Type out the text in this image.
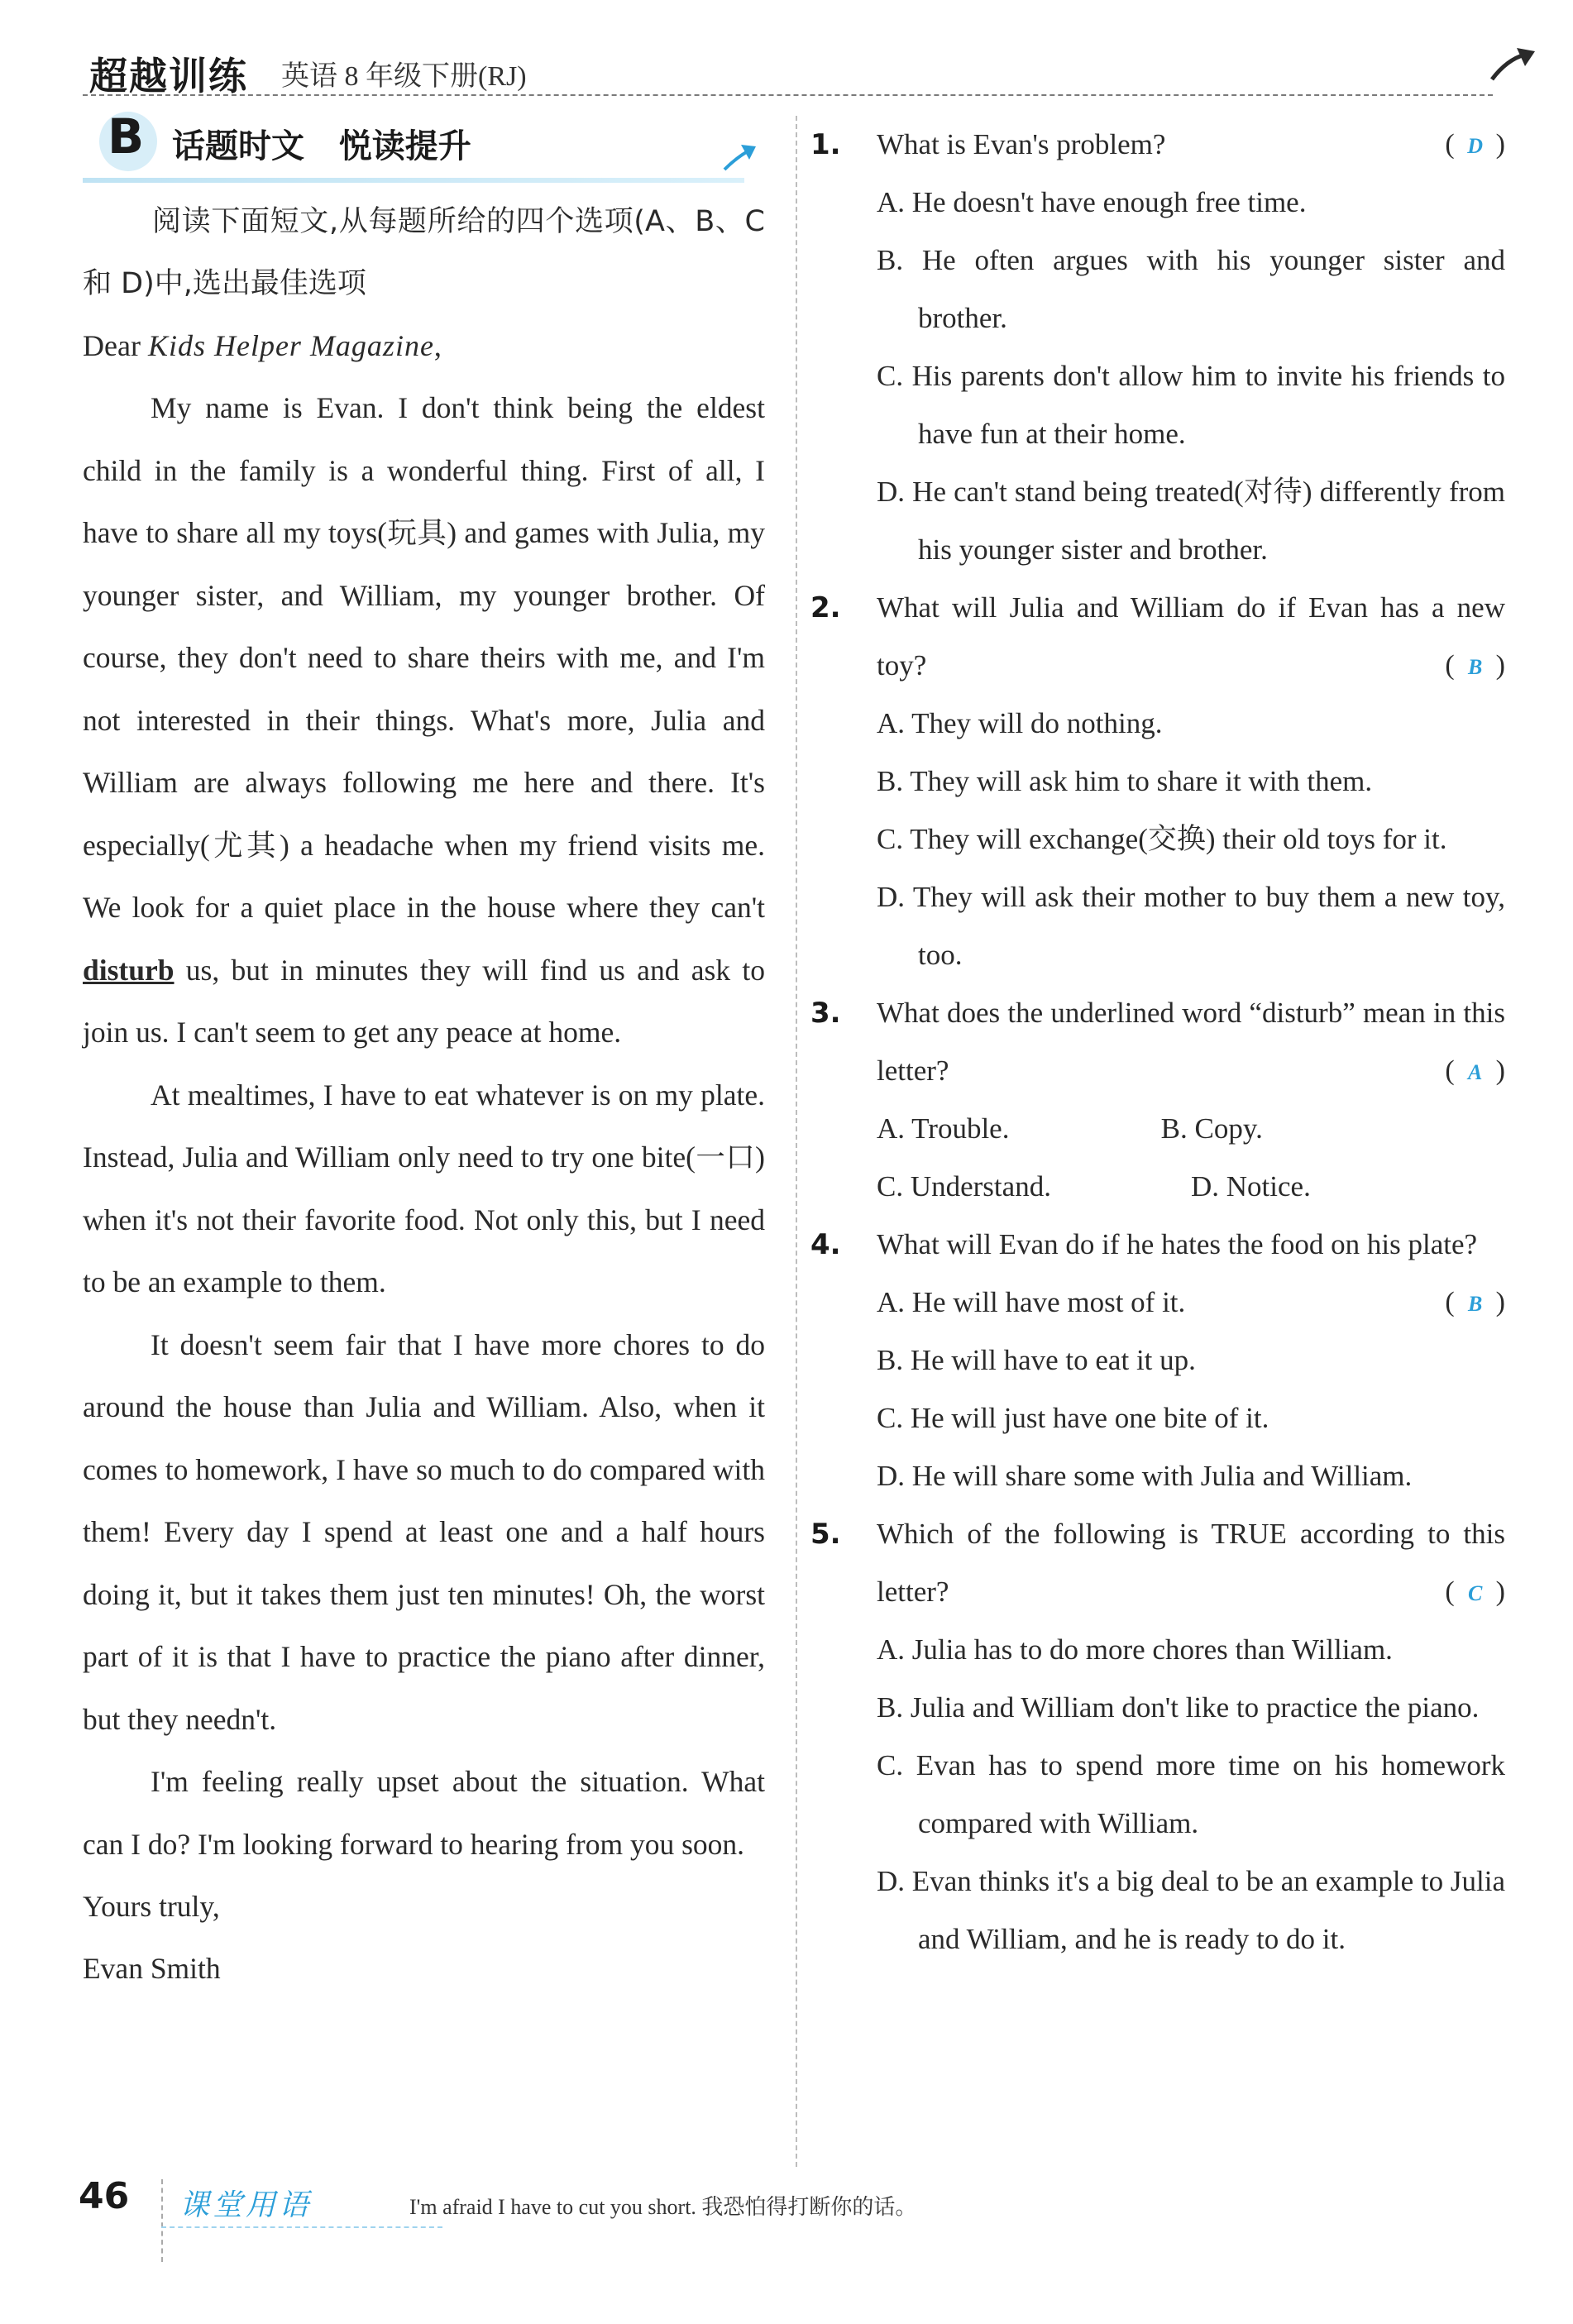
超越训练 英语 8 年级下册(RJ)
B 话题时文   悦读提升

阅读下面短文,从每题所给的四个选项(A、B、C 和 D)中,选出最佳选项

Dear Kids Helper Magazine,

My name is Evan. I don't think being the eldest child in the family is a wonderful thing. First of all, I have to share all my toys(玩具) and games with Julia, my younger sister, and William, my younger brother. Of course, they don't need to share theirs with me, and I'm not interested in their things. What's more, Julia and William are always following me here and there. It's especially(尤其) a headache when my friend visits me. We look for a quiet place in the house where they can't disturb us, but in minutes they will find us and ask to join us. I can't seem to get any peace at home.

At mealtimes, I have to eat whatever is on my plate. Instead, Julia and William only need to try one bite(一口) when it's not their favorite food. Not only this, but I need to be an example to them.

It doesn't seem fair that I have more chores to do around the house than Julia and William. Also, when it comes to homework, I have so much to do compared with them! Every day I spend at least one and a half hours doing it, but it takes them just ten minutes! Oh, the worst part of it is that I have to practice the piano after dinner, but they needn't.

I'm feeling really upset about the situation. What can I do? I'm looking forward to hearing from you soon.

Yours truly,

Evan Smith

1. What is Evan's problem?	( D )
A. He doesn't have enough free time.
B. He often argues with his younger sister and brother.
C. His parents don't allow him to invite his friends to have fun at their home.
D. He can't stand being treated(对待) differently from his younger sister and brother.
2. What will Julia and William do if Evan has a new toy?	( B )
A. They will do nothing.
B. They will ask him to share it with them.
C. They will exchange(交换) their old toys for it.
D. They will ask their mother to buy them a new toy, too.
3. What does the underlined word “disturb” mean in this letter?	( A )
A. Trouble.	B. Copy.
C. Understand.	D. Notice.
4. What will Evan do if he hates the food on his plate?
( B )
A. He will have most of it.
B. He will have to eat it up.
C. He will just have one bite of it.
D. He will share some with Julia and William.
5. Which of the following is TRUE according to this letter?	( C )
A. Julia has to do more chores than William.
B. Julia and William don't like to practice the piano.
C. Evan has to spend more time on his homework compared with William.
D. Evan thinks it's a big deal to be an example to Julia and William, and he is ready to do it.
46 课堂用语	I'm afraid I have to cut you short. 我恐怕得打断你的话。
